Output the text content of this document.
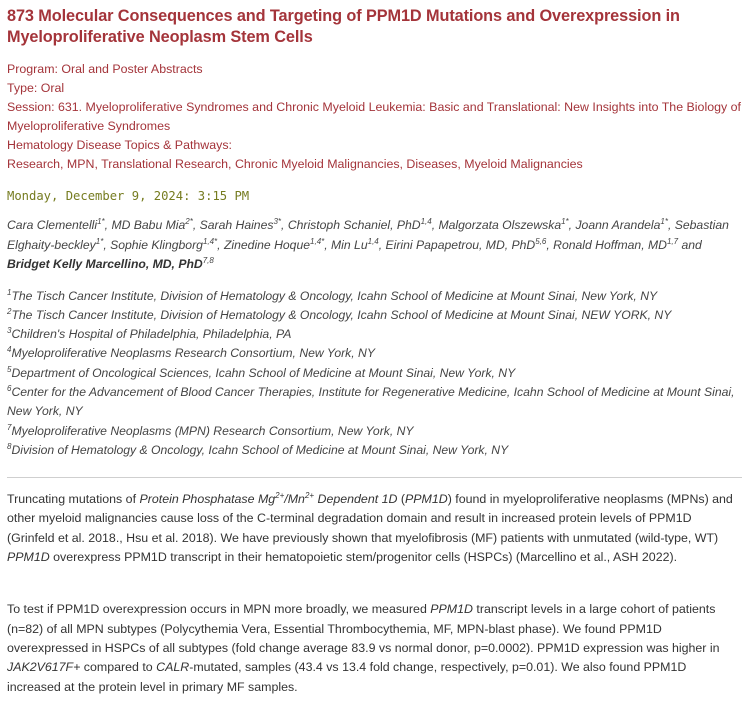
873 Molecular Consequences and Targeting of PPM1D Mutations and Overexpression in Myeloproliferative Neoplasm Stem Cells
Program: Oral and Poster Abstracts
Type: Oral
Session: 631. Myeloproliferative Syndromes and Chronic Myeloid Leukemia: Basic and Translational: New Insights into The Biology of Myeloproliferative Syndromes
Hematology Disease Topics & Pathways:
Research, MPN, Translational Research, Chronic Myeloid Malignancies, Diseases, Myeloid Malignancies
Monday, December 9, 2024: 3:15 PM
Cara Clementelli$^{1*}$, MD Babu Mia$^{2*}$, Sarah Haines$^{3*}$, Christoph Schaniel, PhD$^{1,4}$, Malgorzata Olszewska$^{1*}$, Joann Arandela$^{1*}$, Sebastian Elghaity-beckley$^{1*}$, Sophie Klingborg$^{1,4*}$, Zinedine Hoque$^{1,4*}$, Min Lu$^{1,4}$, Eirini Papapetrou, MD, PhD$^{5,6}$, Ronald Hoffman, MD$^{1,7}$ and Bridget Kelly Marcellino, MD, PhD$^{7,8}$
$^1$The Tisch Cancer Institute, Division of Hematology & Oncology, Icahn School of Medicine at Mount Sinai, New York, NY
$^2$The Tisch Cancer Institute, Division of Hematology & Oncology, Icahn School of Medicine at Mount Sinai, NEW YORK, NY
$^3$Children's Hospital of Philadelphia, Philadelphia, PA
$^4$Myeloproliferative Neoplasms Research Consortium, New York, NY
$^5$Department of Oncological Sciences, Icahn School of Medicine at Mount Sinai, New York, NY
$^6$Center for the Advancement of Blood Cancer Therapies, Institute for Regenerative Medicine, Icahn School of Medicine at Mount Sinai, New York, NY
$^7$Myeloproliferative Neoplasms (MPN) Research Consortium, New York, NY
$^8$Division of Hematology & Oncology, Icahn School of Medicine at Mount Sinai, New York, NY

Truncating mutations of Protein Phosphatase $Mg^{2+}/Mn^{2+}$ Dependent 1D (PPM1D) found in myeloproliferative neoplasms (MPNs) and other myeloid malignancies cause loss of the C-terminal degradation domain and result in increased protein levels of PPM1D (Grinfeld et al. 2018., Hsu et al. 2018). We have previously shown that myelofibrosis (MF) patients with unmutated (wild-type, WT) PPM1D overexpress PPM1D transcript in their hematopoietic stem/progenitor cells (HSPCs) (Marcellino et al., ASH 2022).

To test if PPM1D overexpression occurs in MPN more broadly, we measured PPM1D transcript levels in a large cohort of patients (n=82) of all MPN subtypes (Polycythemia Vera, Essential Thrombocythemia, MF, MPN-blast phase). We found PPM1D overexpressed in HSPCs of all subtypes (fold change average 83.9 vs normal donor, p=0.0002). PPM1D expression was higher in JAK2V617F+ compared to CALR-mutated, samples (43.4 vs 13.4 fold change, respectively, p=0.01). We also found PPM1D increased at the protein level in primary MF samples.
